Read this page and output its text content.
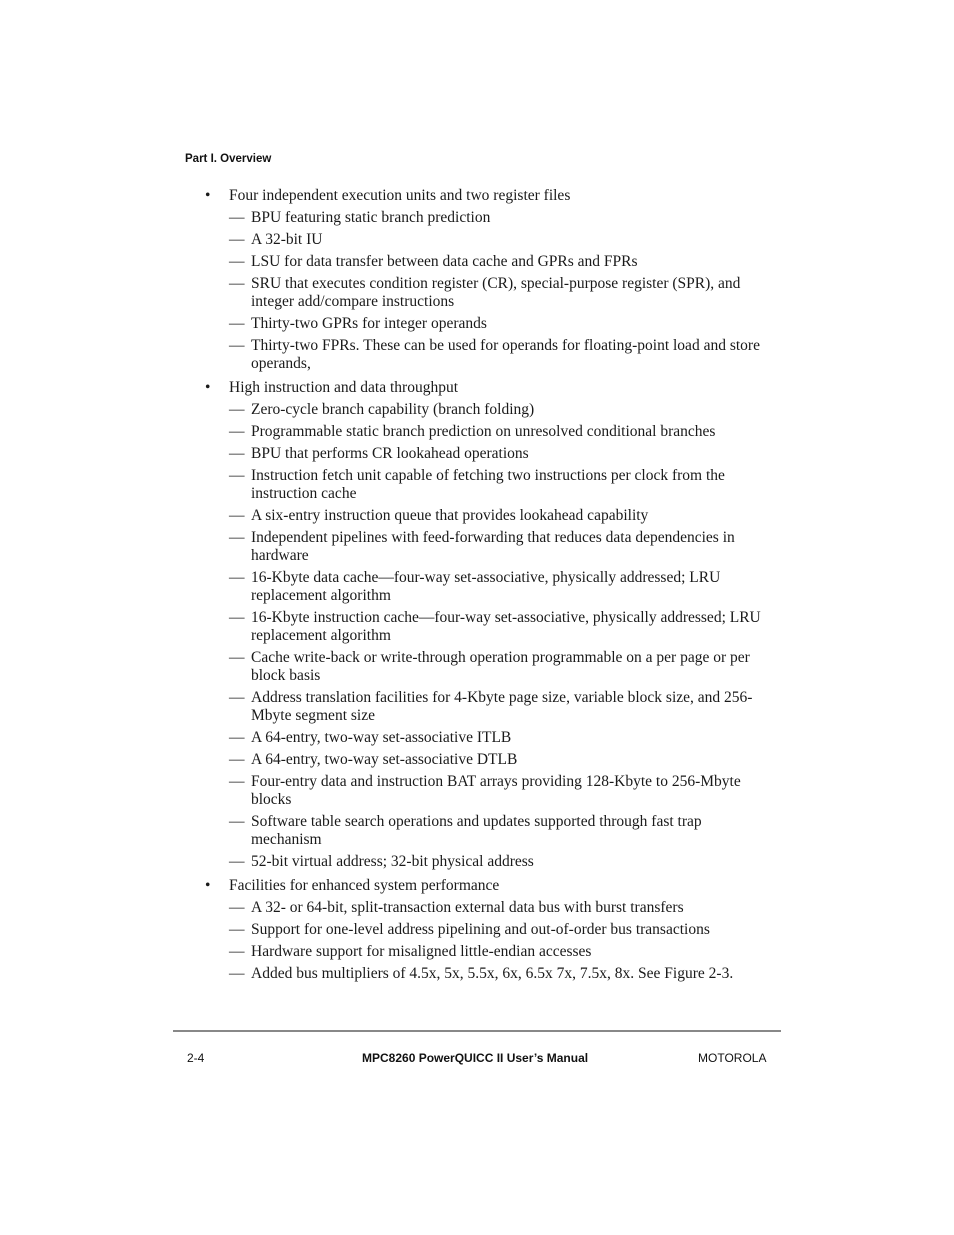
Part I. Overview

• Four independent execution units and two register files

— BPU featuring static branch prediction
— A 32-bit IU
— LSU for data transfer between data cache and GPRs and FPRs
— SRU that executes condition register (CR), special-purpose register (SPR), and integer add/compare instructions
— Thirty-two GPRs for integer operands
— Thirty-two FPRs. These can be used for operands for floating-point load and store operands,

• High instruction and data throughput

— Zero-cycle branch capability (branch folding)
— Programmable static branch prediction on unresolved conditional branches
— BPU that performs CR lookahead operations
— Instruction fetch unit capable of fetching two instructions per clock from the instruction cache
— A six-entry instruction queue that provides lookahead capability
— Independent pipelines with feed-forwarding that reduces data dependencies in hardware
— 16-Kbyte data cache—four-way set-associative, physically addressed; LRU replacement algorithm
— 16-Kbyte instruction cache—four-way set-associative, physically addressed; LRU replacement algorithm
— Cache write-back or write-through operation programmable on a per page or per block basis
— Address translation facilities for 4-Kbyte page size, variable block size, and 256-Mbyte segment size
— A 64-entry, two-way set-associative ITLB
— A 64-entry, two-way set-associative DTLB
— Four-entry data and instruction BAT arrays providing 128-Kbyte to 256-Mbyte blocks
— Software table search operations and updates supported through fast trap mechanism
— 52-bit virtual address; 32-bit physical address

• Facilities for enhanced system performance

— A 32- or 64-bit, split-transaction external data bus with burst transfers
— Support for one-level address pipelining and out-of-order bus transactions
— Hardware support for misaligned little-endian accesses
— Added bus multipliers of 4.5x, 5x, 5.5x, 6x, 6.5x 7x, 7.5x, 8x. See Figure 2-3.
2-4	MPC8260 PowerQUICC II User’s Manual	MOTOROLA
